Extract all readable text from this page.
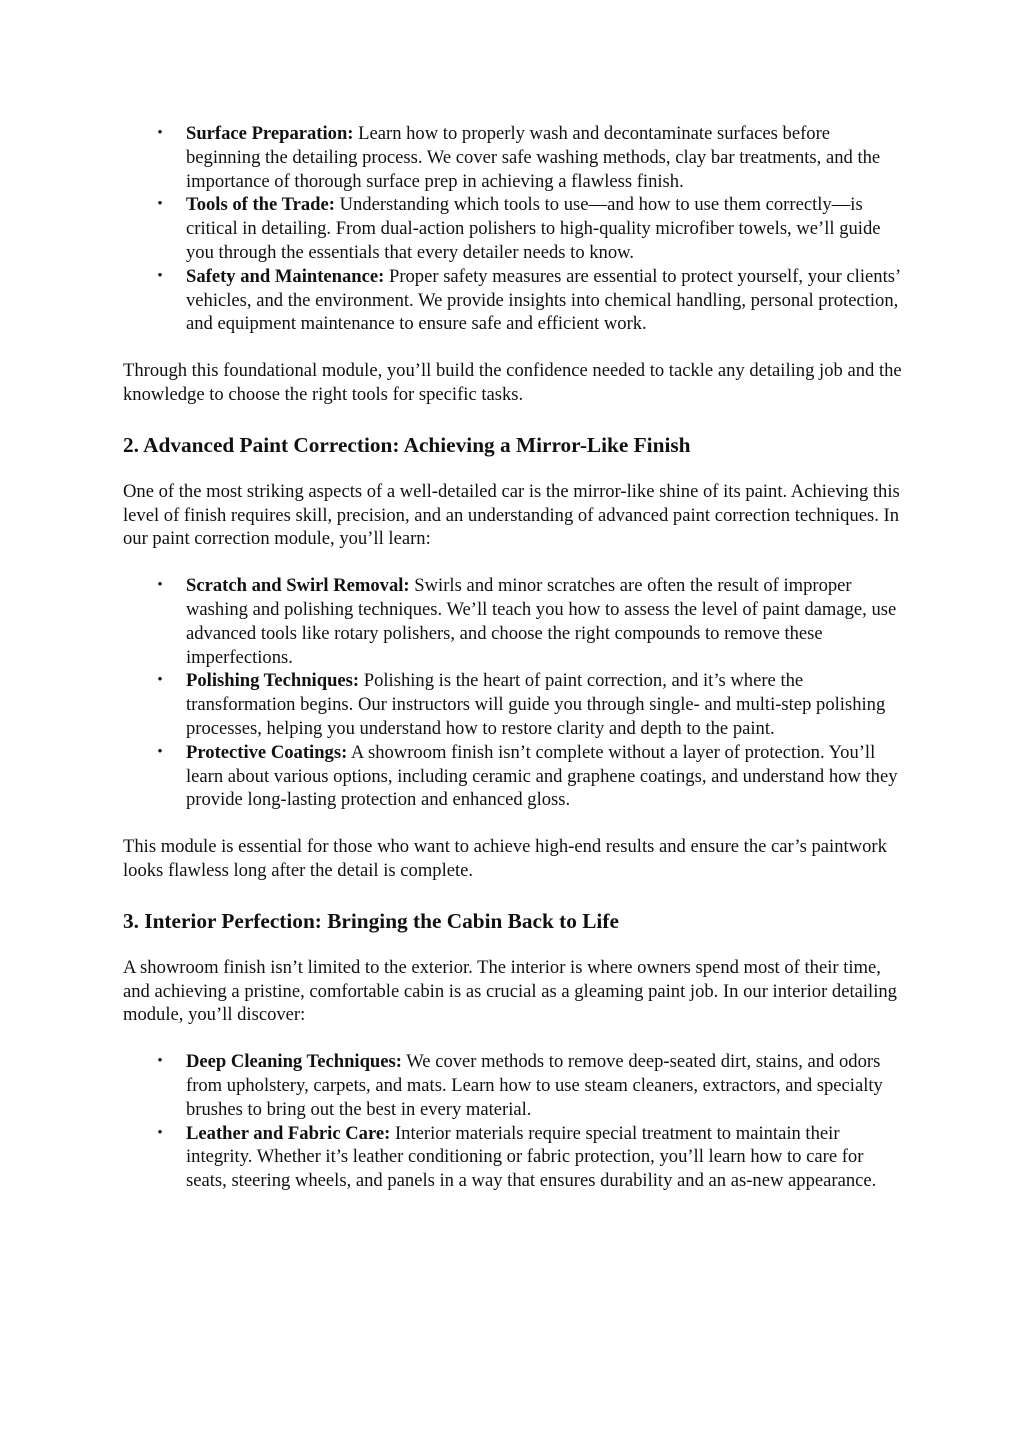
• Surface Preparation: Learn how to properly wash and decontaminate surfaces before beginning the detailing process. We cover safe washing methods, clay bar treatments, and the importance of thorough surface prep in achieving a flawless finish.
• Tools of the Trade: Understanding which tools to use—and how to use them correctly—is critical in detailing. From dual-action polishers to high-quality microfiber towels, we’ll guide you through the essentials that every detailer needs to know.
• Safety and Maintenance: Proper safety measures are essential to protect yourself, your clients’ vehicles, and the environment. We provide insights into chemical handling, personal protection, and equipment maintenance to ensure safe and efficient work.

Through this foundational module, you’ll build the confidence needed to tackle any detailing job and the knowledge to choose the right tools for specific tasks.

2. Advanced Paint Correction: Achieving a Mirror-Like Finish

One of the most striking aspects of a well-detailed car is the mirror-like shine of its paint. Achieving this level of finish requires skill, precision, and an understanding of advanced paint correction techniques. In our paint correction module, you’ll learn:

• Scratch and Swirl Removal: Swirls and minor scratches are often the result of improper washing and polishing techniques. We’ll teach you how to assess the level of paint damage, use advanced tools like rotary polishers, and choose the right compounds to remove these imperfections.
• Polishing Techniques: Polishing is the heart of paint correction, and it’s where the transformation begins. Our instructors will guide you through single- and multi-step polishing processes, helping you understand how to restore clarity and depth to the paint.
• Protective Coatings: A showroom finish isn’t complete without a layer of protection. You’ll learn about various options, including ceramic and graphene coatings, and understand how they provide long-lasting protection and enhanced gloss.

This module is essential for those who want to achieve high-end results and ensure the car’s paintwork looks flawless long after the detail is complete.

3. Interior Perfection: Bringing the Cabin Back to Life

A showroom finish isn’t limited to the exterior. The interior is where owners spend most of their time, and achieving a pristine, comfortable cabin is as crucial as a gleaming paint job. In our interior detailing module, you’ll discover:

• Deep Cleaning Techniques: We cover methods to remove deep-seated dirt, stains, and odors from upholstery, carpets, and mats. Learn how to use steam cleaners, extractors, and specialty brushes to bring out the best in every material.
• Leather and Fabric Care: Interior materials require special treatment to maintain their integrity. Whether it’s leather conditioning or fabric protection, you’ll learn how to care for seats, steering wheels, and panels in a way that ensures durability and an as-new appearance.
